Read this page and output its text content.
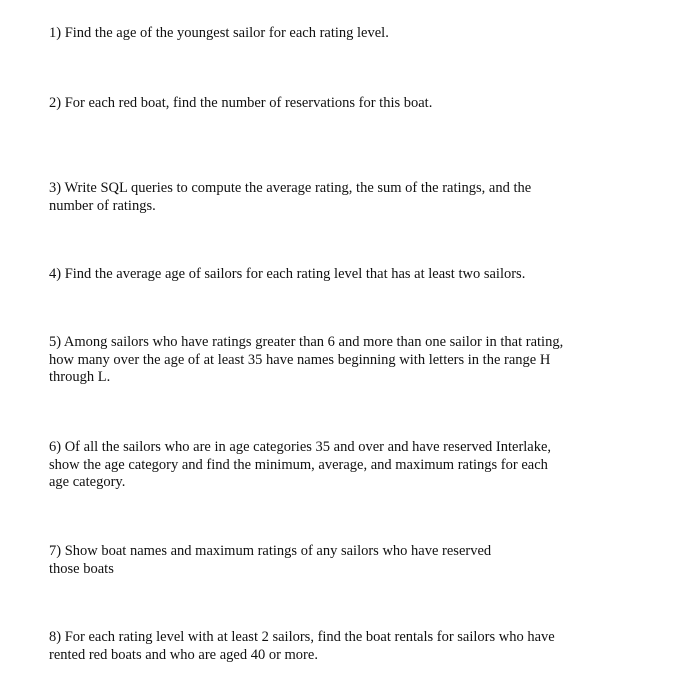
1) Find the age of the youngest sailor for each rating level.

2) For each red boat, find the number of reservations for this boat.

3) Write SQL queries to compute the average rating, the sum of the ratings, and the
number of ratings.

4) Find the average age of sailors for each rating level that has at least two sailors.

5) Among sailors who have ratings greater than 6 and more than one sailor in that rating,
how many over the age of at least 35 have names beginning with letters in the range H
through L.

6) Of all the sailors who are in age categories 35 and over and have reserved Interlake,
show the age category and find the minimum, average, and maximum ratings for each
age category.

7) Show boat names and maximum ratings of any sailors who have reserved
those boats

8) For each rating level with at least 2 sailors, find the boat rentals for sailors who have
rented red boats and who are aged 40 or more.
